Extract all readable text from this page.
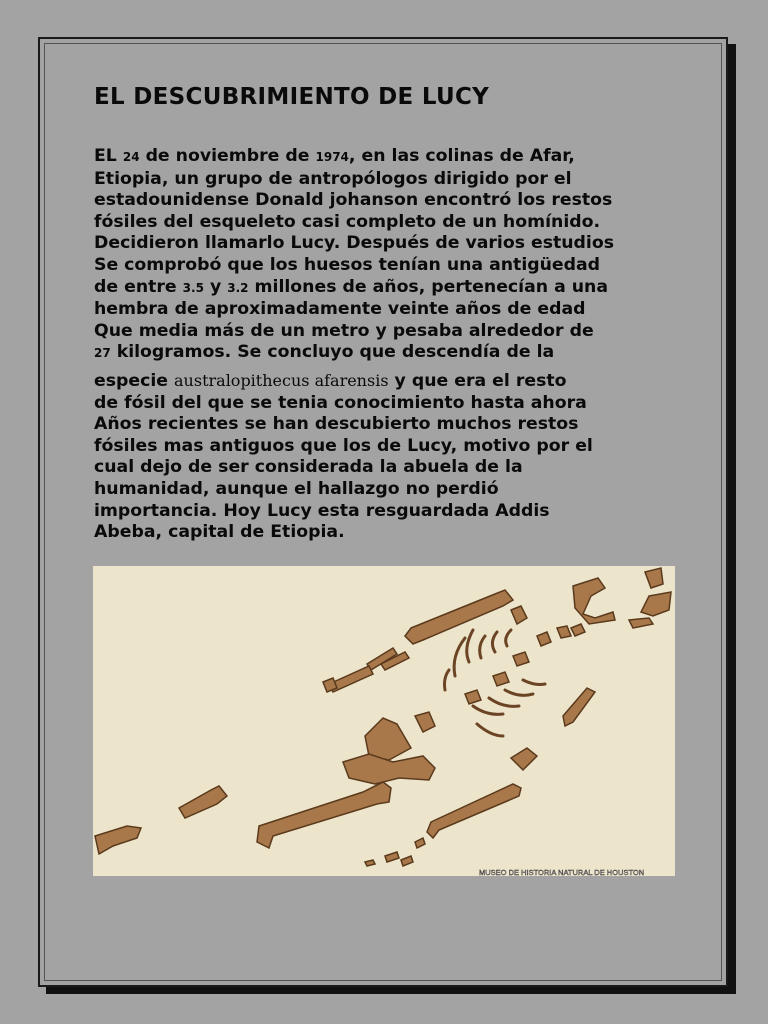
EL DESCUBRIMIENTO DE LUCY
EL 24 de noviembre de 1974, en las colinas de Afar,
Etiopia, un grupo de antropólogos dirigido por el
estadounidense Donald johanson encontró los restos
fósiles del esqueleto casi completo de un homínido.
Decidieron llamarlo Lucy. Después de varios estudios
Se comprobó que los huesos tenían una antigüedad
de entre 3.5 y 3.2 millones de años, pertenecían a una
hembra de aproximadamente veinte años de edad
Que media más de un metro y pesaba alrededor de
27 kilogramos. Se concluyo que descendía de la
especie australopithecus afarensis y que era el resto
de fósil del que se tenia conocimiento hasta ahora
Años recientes se han descubierto muchos restos
fósiles mas antiguos que los de Lucy, motivo por el
cual dejo de ser considerada la abuela de la
humanidad, aunque el hallazgo no perdió
importancia. Hoy Lucy esta resguardada Addis
Abeba, capital de Etiopia.
MUSEO DE HISTORIA NATURAL DE HOUSTON
